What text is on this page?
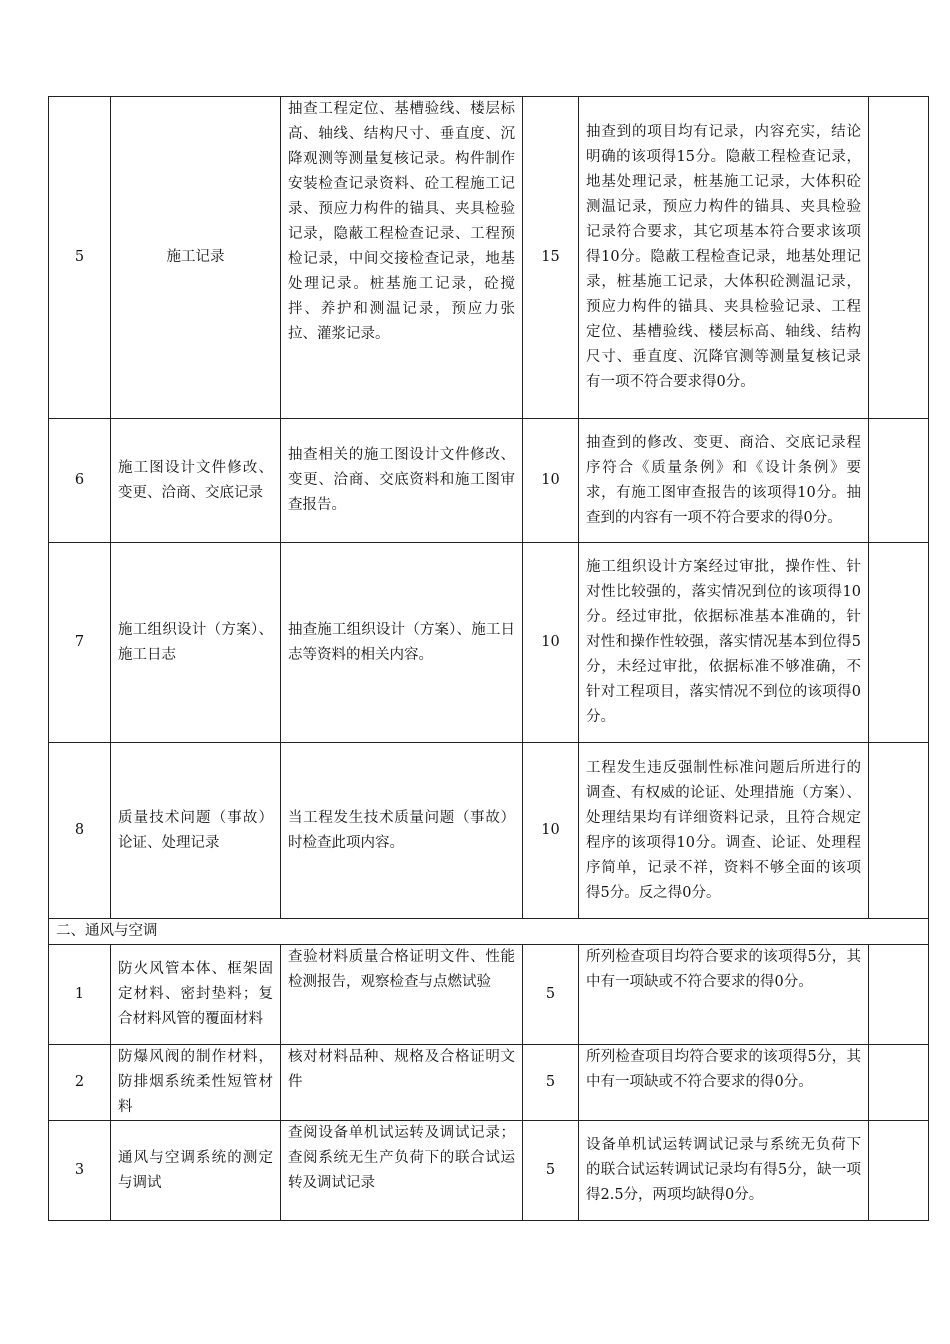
5	施工记录	抽查工程定位、基槽验线、楼层标高、轴线、结构尺寸、垂直度、沉降观测等测量复核记录。构件制作安装检查记录资料、砼工程施工记录、预应力构件的锚具、夹具检验记录，隐蔽工程检查记录、工程预检记录，中间交接检查记录，地基处理记录。桩基施工记录，砼搅拌、养护和测温记录，预应力张拉、灌浆记录。	15	抽查到的项目均有记录，内容充实，结论明确的该项得15分。隐蔽工程检查记录，地基处理记录，桩基施工记录，大体积砼测温记录，预应力构件的锚具、夹具检验记录符合要求，其它项基本符合要求该项得10分。隐蔽工程检查记录，地基处理记录，桩基施工记录，大体积砼测温记录，预应力构件的锚具、夹具检验记录、工程定位、基槽验线、楼层标高、轴线、结构尺寸、垂直度、沉降官测等测量复核记录有一项不符合要求得0分。	
6	施工图设计文件修改、变更、洽商、交底记录	抽查相关的施工图设计文件修改、变更、洽商、交底资料和施工图审查报告。	10	抽查到的修改、变更、商洽、交底记录程序符合《质量条例》和《设计条例》要求，有施工图审查报告的该项得10分。抽查到的内容有一项不符合要求的得0分。	
7	施工组织设计（方案）、施工日志	抽查施工组织设计（方案）、施工日志等资料的相关内容。	10	施工组织设计方案经过审批，操作性、针对性比较强的，落实情况到位的该项得10分。经过审批，依据标准基本准确的，针对性和操作性较强，落实情况基本到位得5分，未经过审批，依据标准不够准确，不针对工程项目，落实情况不到位的该项得0分。	
8	质量技术问题（事故）论证、处理记录	当工程发生技术质量问题（事故）时检查此项内容。	10	工程发生违反强制性标准问题后所进行的调查、有权威的论证、处理措施（方案）、处理结果均有详细资料记录，且符合规定程序的该项得10分。调查、论证、处理程序简单，记录不祥，资料不够全面的该项得5分。反之得0分。	
二、通风与空调					
1	防火风管本体、框架固定材料、密封垫料；复合材料风管的覆面材料	查验材料质量合格证明文件、性能检测报告，观察检查与点燃试验	5	所列检查项目均符合要求的该项得5分，其中有一项缺或不符合要求的得0分。	
2	防爆风阀的制作材料，防排烟系统柔性短管材料	核对材料品种、规格及合格证明文件	5	所列检查项目均符合要求的该项得5分，其中有一项缺或不符合要求的得0分。	
3	通风与空调系统的测定与调试	查阅设备单机试运转及调试记录；查阅系统无生产负荷下的联合试运转及调试记录	5	设备单机试运转调试记录与系统无负荷下的联合试运转调试记录均有得5分，缺一项得2.5分，两项均缺得0分。	
